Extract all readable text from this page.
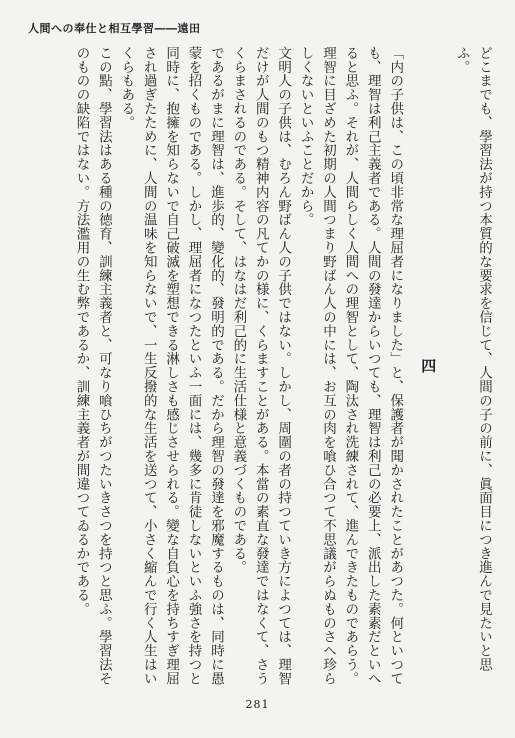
人間への奉仕と相互學習――遠田

どこまでも、學習法が持つ本質的な要求を信じて、人間の子の前に、眞面目につき進んで見たいと思ふ。

四

「内の子供は、この頃非常な理屈者になりました」と、保護者が聞かされたことがあつた。何といつても、理智は利己主義者である。人間の發達からいつても、理智は利己の必要上、派出した素素だといへると思ふ。それが、人間らしく人間への理智として、陶汰され洗練されて、進んできたものであらう。理智に目ざめた初期の人間つまり野ばん人の中には、お互の肉を喰ひ合つて不思議がらぬものさへ珍らしくないといふことだから。

文明人の子供は、むろん野ばん人の子供ではない。しかし、周圍の者の持つていき方によつては、理智だけが人間のもつ精神内容の凡てかの様に、くらますことがある。本當の素直な發達ではなくて、さうくらまされるのである。そして、はなはだ利己的に生活仕様と意義づくものである。

であるがまに理智は、進歩的、變化的、發明的である。だから理智の發達を邪魔するものは、同時に愚蒙を招くものである。しかし、理屈者になつたといふ一面には、幾多に肯徒しないといふ強さを持つと同時に、抱擁を知らないで自己破滅を塑想できる淋しさも感じさせられる。變な自負心を持ちすぎ理屈され過ぎたために、人間の温味を知らないで、一生反撥的な生活を送つて、小さく縮んで行く人生はいくらもある。

この點、學習法はある種の徳育、訓練主義者と、可なり喰ひちがつたいきさつを持つと思ふ。學習法そのものの缺陷ではない。方法濫用の生む弊であるか、訓練主義者が間違つてゐるかである。

281
